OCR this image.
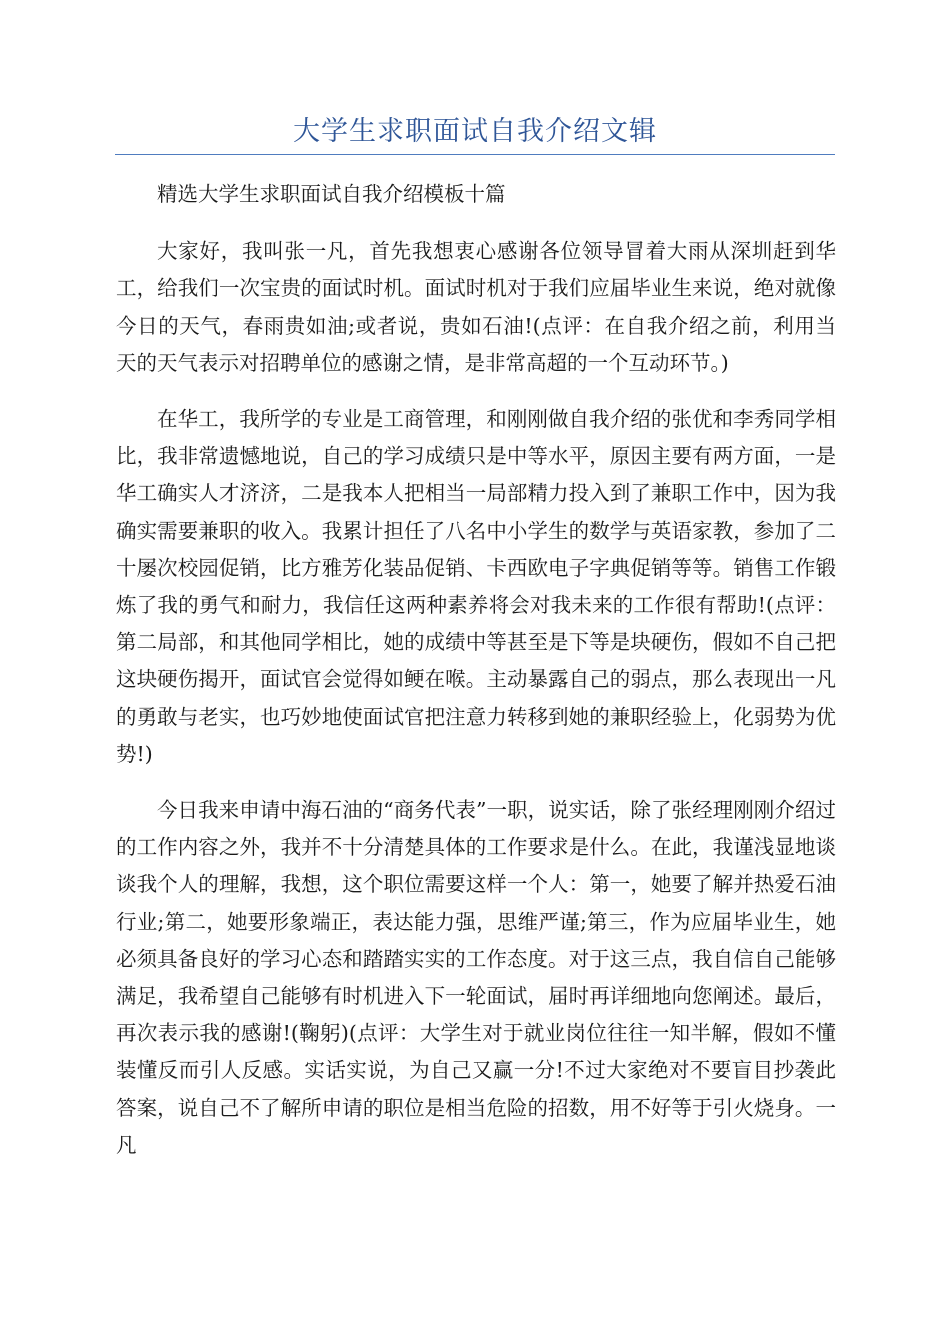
大学生求职面试自我介绍文辑

精选大学生求职面试自我介绍模板十篇

大家好，我叫张一凡，首先我想衷心感谢各位领导冒着大雨从深圳赶到华工，给我们一次宝贵的面试时机。面试时机对于我们应届毕业生来说，绝对就像今日的天气，春雨贵如油;或者说，贵如石油!(点评：在自我介绍之前，利用当天的天气表示对招聘单位的感谢之情，是非常高超的一个互动环节。)

在华工，我所学的专业是工商管理，和刚刚做自我介绍的张优和李秀同学相比，我非常遗憾地说，自己的学习成绩只是中等水平，原因主要有两方面，一是华工确实人才济济，二是我本人把相当一局部精力投入到了兼职工作中，因为我确实需要兼职的收入。我累计担任了八名中小学生的数学与英语家教，参加了二十屡次校园促销，比方雅芳化装品促销、卡西欧电子字典促销等等。销售工作锻炼了我的勇气和耐力，我信任这两种素养将会对我未来的工作很有帮助!(点评：第二局部，和其他同学相比，她的成绩中等甚至是下等是块硬伤，假如不自己把这块硬伤揭开，面试官会觉得如鲠在喉。主动暴露自己的弱点，那么表现出一凡的勇敢与老实，也巧妙地使面试官把注意力转移到她的兼职经验上，化弱势为优势!)

今日我来申请中海石油的“商务代表”一职，说实话，除了张经理刚刚介绍过的工作内容之外，我并不十分清楚具体的工作要求是什么。在此，我谨浅显地谈谈我个人的理解，我想，这个职位需要这样一个人：第一，她要了解并热爱石油行业;第二，她要形象端正，表达能力强，思维严谨;第三，作为应届毕业生，她必须具备良好的学习心态和踏踏实实的工作态度。对于这三点，我自信自己能够满足，我希望自己能够有时机进入下一轮面试，届时再详细地向您阐述。最后，再次表示我的感谢!(鞠躬)(点评：大学生对于就业岗位往往一知半解，假如不懂装懂反而引人反感。实话实说，为自己又赢一分!不过大家绝对不要盲目抄袭此答案，说自己不了解所申请的职位是相当危险的招数，用不好等于引火烧身。一凡
